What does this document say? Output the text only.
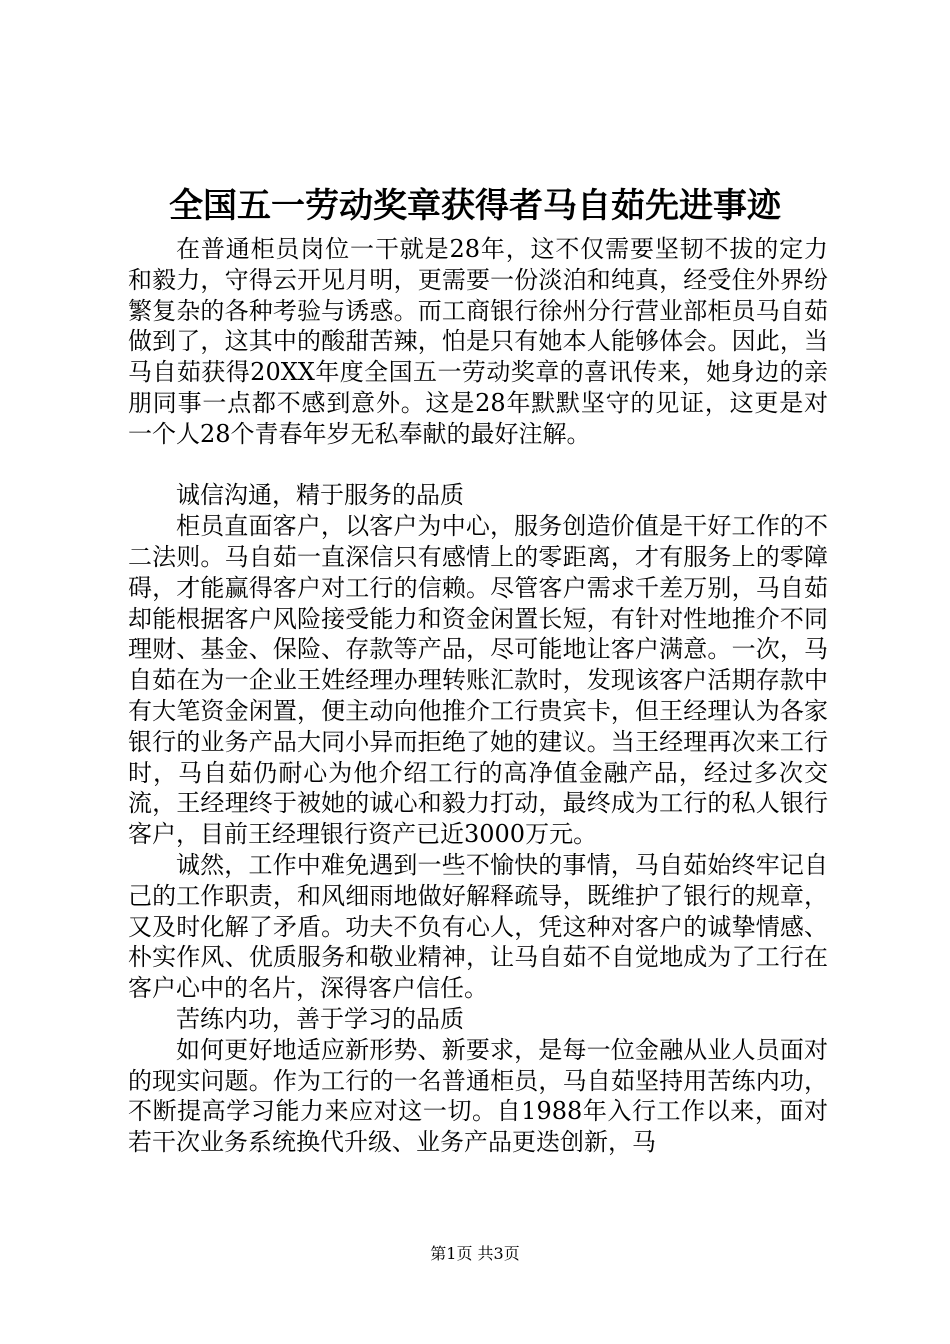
全国五一劳动奖章获得者马自茹先进事迹

在普通柜员岗位一干就是28年，这不仅需要坚韧不拔的定力和毅力，守得云开见月明，更需要一份淡泊和纯真，经受住外界纷繁复杂的各种考验与诱惑。而工商银行徐州分行营业部柜员马自茹做到了，这其中的酸甜苦辣，怕是只有她本人能够体会。因此，当马自茹获得20XX年度全国五一劳动奖章的喜讯传来，她身边的亲朋同事一点都不感到意外。这是28年默默坚守的见证，这更是对一个人28个青春年岁无私奉献的最好注解。

诚信沟通，精于服务的品质

柜员直面客户，以客户为中心，服务创造价值是干好工作的不二法则。马自茹一直深信只有感情上的零距离，才有服务上的零障碍，才能赢得客户对工行的信赖。尽管客户需求千差万别，马自茹却能根据客户风险接受能力和资金闲置长短，有针对性地推介不同理财、基金、保险、存款等产品，尽可能地让客户满意。一次，马自茹在为一企业王姓经理办理转账汇款时，发现该客户活期存款中有大笔资金闲置，便主动向他推介工行贵宾卡，但王经理认为各家银行的业务产品大同小异而拒绝了她的建议。当王经理再次来工行时，马自茹仍耐心为他介绍工行的高净值金融产品，经过多次交流，王经理终于被她的诚心和毅力打动，最终成为工行的私人银行客户，目前王经理银行资产已近3000万元。

诚然，工作中难免遇到一些不愉快的事情，马自茹始终牢记自己的工作职责，和风细雨地做好解释疏导，既维护了银行的规章，又及时化解了矛盾。功夫不负有心人，凭这种对客户的诚挚情感、朴实作风、优质服务和敬业精神，让马自茹不自觉地成为了工行在客户心中的名片，深得客户信任。

苦练内功，善于学习的品质

如何更好地适应新形势、新要求，是每一位金融从业人员面对的现实问题。作为工行的一名普通柜员，马自茹坚持用苦练内功，不断提高学习能力来应对这一切。自1988年入行工作以来，面对若干次业务系统换代升级、业务产品更迭创新，马

第1页 共3页
